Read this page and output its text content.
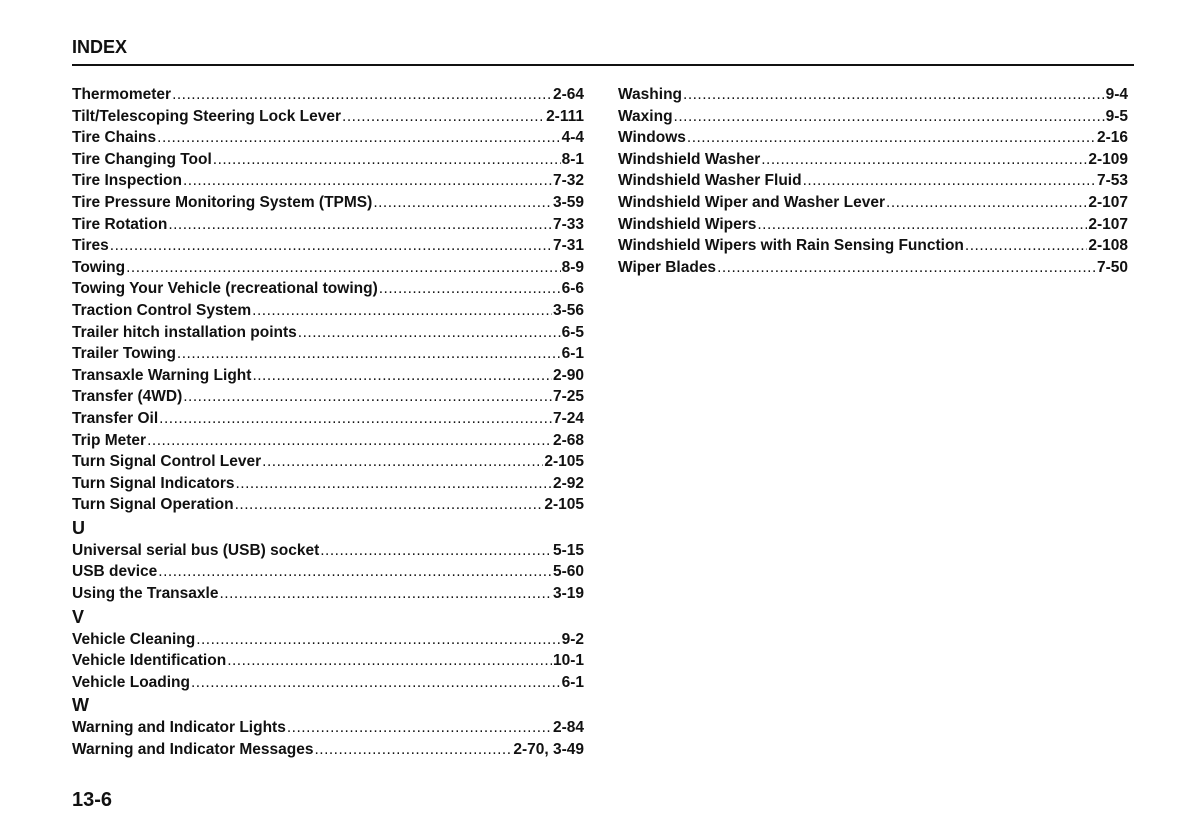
INDEX
Thermometer .....	2-64
Tilt/Telescoping Steering Lock Lever .....	2-111
Tire Chains .....	4-4
Tire Changing Tool .....	8-1
Tire Inspection .....	7-32
Tire Pressure Monitoring System (TPMS) .....	3-59
Tire Rotation .....	7-33
Tires .....	7-31
Towing .....	8-9
Towing Your Vehicle (recreational towing) .....	6-6
Traction Control System .....	3-56
Trailer hitch installation points .....	6-5
Trailer Towing .....	6-1
Transaxle Warning Light .....	2-90
Transfer (4WD) .....	7-25
Transfer Oil .....	7-24
Trip Meter .....	2-68
Turn Signal Control Lever .....	2-105
Turn Signal Indicators .....	2-92
Turn Signal Operation .....	2-105
U
Universal serial bus (USB) socket .....	5-15
USB device .....	5-60
Using the Transaxle .....	3-19
V
Vehicle Cleaning .....	9-2
Vehicle Identification .....	10-1
Vehicle Loading .....	6-1
W
Warning and Indicator Lights .....	2-84
Warning and Indicator Messages .....	2-70, 3-49
Washing .....	9-4
Waxing .....	9-5
Windows .....	2-16
Windshield Washer .....	2-109
Windshield Washer Fluid .....	7-53
Windshield Wiper and Washer Lever .....	2-107
Windshield Wipers .....	2-107
Windshield Wipers with Rain Sensing Function .....	2-108
Wiper Blades .....	7-50
13-6
